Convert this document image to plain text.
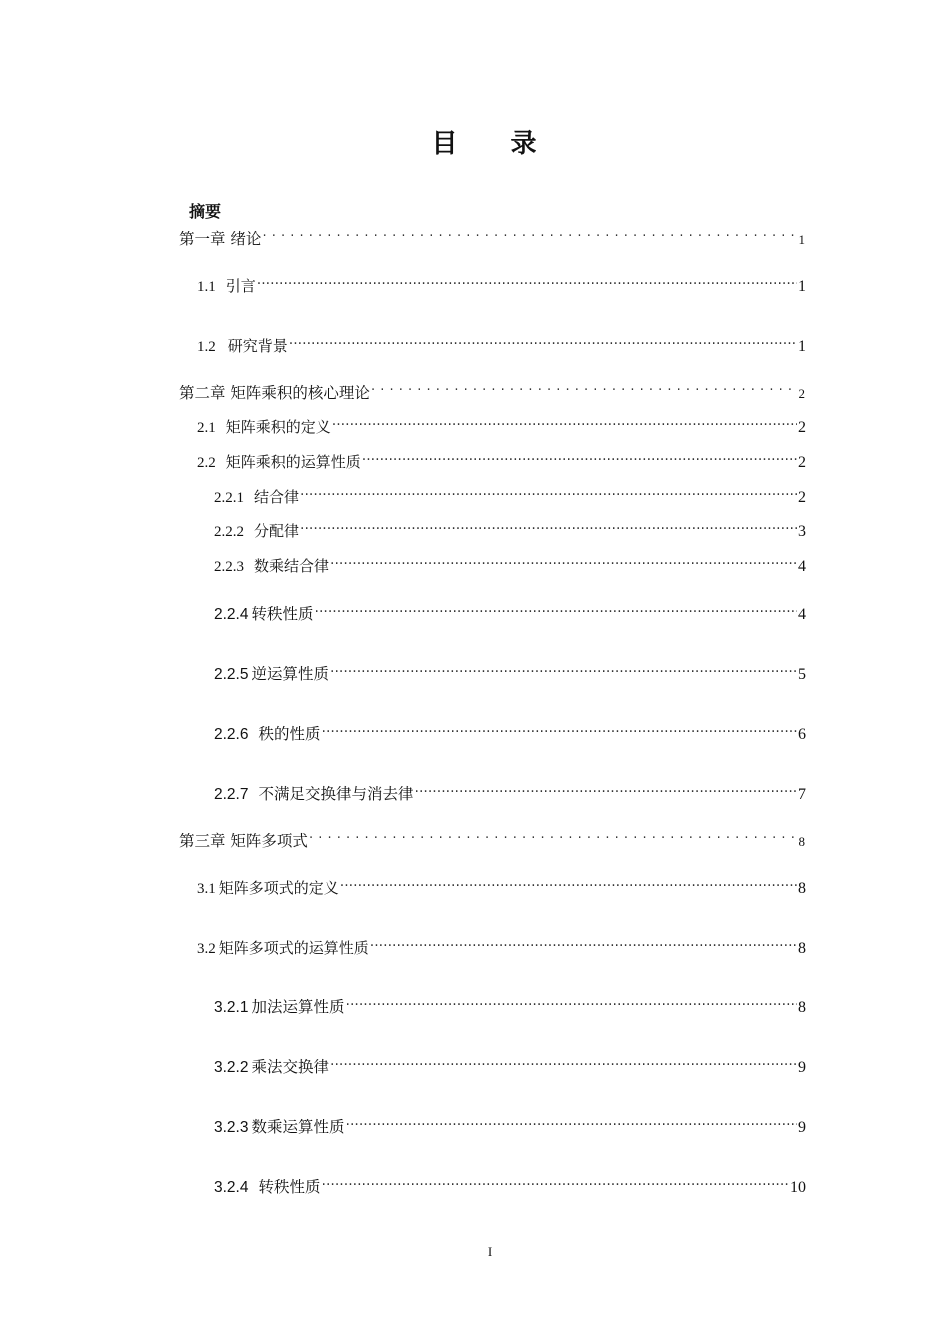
目 录
摘要
第一章 绪论 . . .	1
1.1 引言 .....	1
1.2 研究背景 .....	1
第二章 矩阵乘积的核心理论 . . .	2
2.1 矩阵乘积的定义 .....	2
2.2 矩阵乘积的运算性质 .....	2
2.2.1 结合律 .....	2
2.2.2 分配律 .....	3
2.2.3 数乘结合律 .....	4
2.2.4 转秩性质 .....	4
2.2.5 逆运算性质 .....	5
2.2.6 秩的性质 .....	6
2.2.7 不满足交换律与消去律 .....	7
第三章 矩阵多项式 . . .	8
3.1 矩阵多项式的定义 .....	8
3.2 矩阵多项式的运算性质 .....	8
3.2.1 加法运算性质 .....	8
3.2.2 乘法交换律 .....	9
3.2.3 数乘运算性质 .....	9
3.2.4 转秩性质 .....	10
I
